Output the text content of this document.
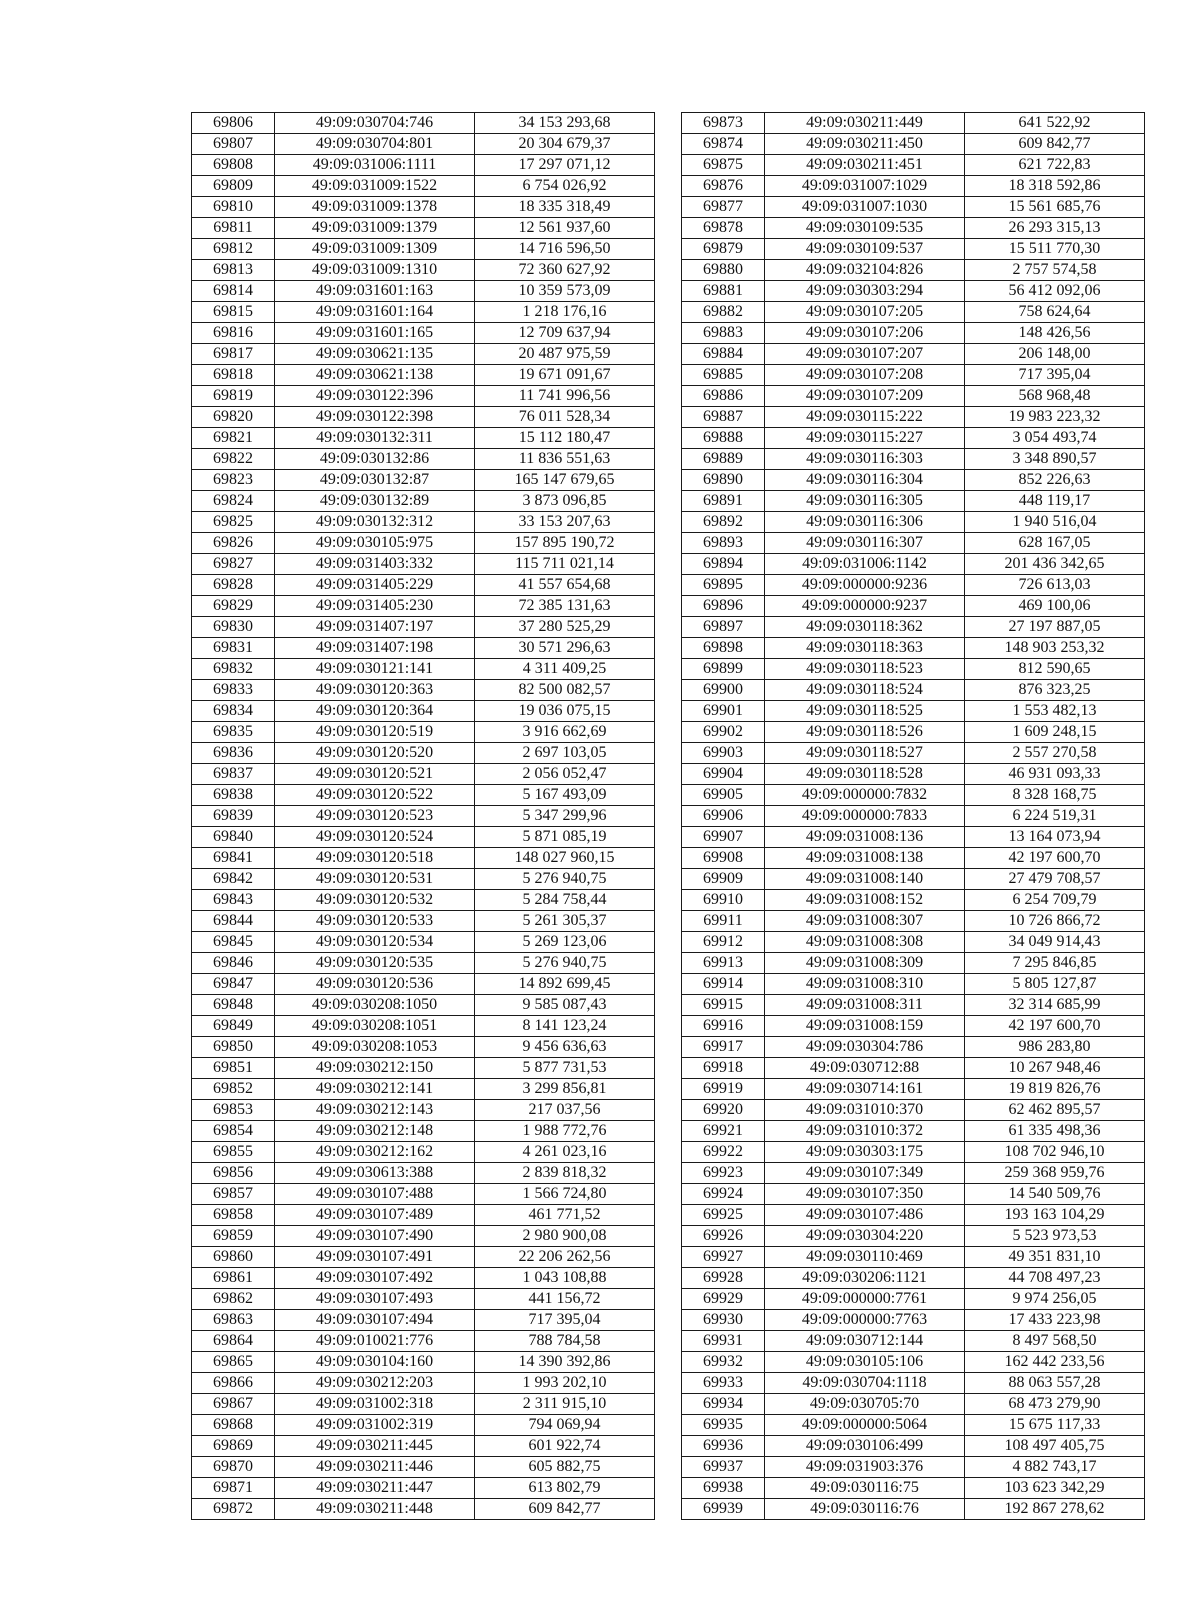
69806	49:09:030704:746	34 153 293,68
69807	49:09:030704:801	20 304 679,37
69808	49:09:031006:1111	17 297 071,12
69809	49:09:031009:1522	6 754 026,92
69810	49:09:031009:1378	18 335 318,49
69811	49:09:031009:1379	12 561 937,60
69812	49:09:031009:1309	14 716 596,50
69813	49:09:031009:1310	72 360 627,92
69814	49:09:031601:163	10 359 573,09
69815	49:09:031601:164	1 218 176,16
69816	49:09:031601:165	12 709 637,94
69817	49:09:030621:135	20 487 975,59
69818	49:09:030621:138	19 671 091,67
69819	49:09:030122:396	11 741 996,56
69820	49:09:030122:398	76 011 528,34
69821	49:09:030132:311	15 112 180,47
69822	49:09:030132:86	11 836 551,63
69823	49:09:030132:87	165 147 679,65
69824	49:09:030132:89	3 873 096,85
69825	49:09:030132:312	33 153 207,63
69826	49:09:030105:975	157 895 190,72
69827	49:09:031403:332	115 711 021,14
69828	49:09:031405:229	41 557 654,68
69829	49:09:031405:230	72 385 131,63
69830	49:09:031407:197	37 280 525,29
69831	49:09:031407:198	30 571 296,63
69832	49:09:030121:141	4 311 409,25
69833	49:09:030120:363	82 500 082,57
69834	49:09:030120:364	19 036 075,15
69835	49:09:030120:519	3 916 662,69
69836	49:09:030120:520	2 697 103,05
69837	49:09:030120:521	2 056 052,47
69838	49:09:030120:522	5 167 493,09
69839	49:09:030120:523	5 347 299,96
69840	49:09:030120:524	5 871 085,19
69841	49:09:030120:518	148 027 960,15
69842	49:09:030120:531	5 276 940,75
69843	49:09:030120:532	5 284 758,44
69844	49:09:030120:533	5 261 305,37
69845	49:09:030120:534	5 269 123,06
69846	49:09:030120:535	5 276 940,75
69847	49:09:030120:536	14 892 699,45
69848	49:09:030208:1050	9 585 087,43
69849	49:09:030208:1051	8 141 123,24
69850	49:09:030208:1053	9 456 636,63
69851	49:09:030212:150	5 877 731,53
69852	49:09:030212:141	3 299 856,81
69853	49:09:030212:143	217 037,56
69854	49:09:030212:148	1 988 772,76
69855	49:09:030212:162	4 261 023,16
69856	49:09:030613:388	2 839 818,32
69857	49:09:030107:488	1 566 724,80
69858	49:09:030107:489	461 771,52
69859	49:09:030107:490	2 980 900,08
69860	49:09:030107:491	22 206 262,56
69861	49:09:030107:492	1 043 108,88
69862	49:09:030107:493	441 156,72
69863	49:09:030107:494	717 395,04
69864	49:09:010021:776	788 784,58
69865	49:09:030104:160	14 390 392,86
69866	49:09:030212:203	1 993 202,10
69867	49:09:031002:318	2 311 915,10
69868	49:09:031002:319	794 069,94
69869	49:09:030211:445	601 922,74
69870	49:09:030211:446	605 882,75
69871	49:09:030211:447	613 802,79
69872	49:09:030211:448	609 842,77
69873	49:09:030211:449	641 522,92
69874	49:09:030211:450	609 842,77
69875	49:09:030211:451	621 722,83
69876	49:09:031007:1029	18 318 592,86
69877	49:09:031007:1030	15 561 685,76
69878	49:09:030109:535	26 293 315,13
69879	49:09:030109:537	15 511 770,30
69880	49:09:032104:826	2 757 574,58
69881	49:09:030303:294	56 412 092,06
69882	49:09:030107:205	758 624,64
69883	49:09:030107:206	148 426,56
69884	49:09:030107:207	206 148,00
69885	49:09:030107:208	717 395,04
69886	49:09:030107:209	568 968,48
69887	49:09:030115:222	19 983 223,32
69888	49:09:030115:227	3 054 493,74
69889	49:09:030116:303	3 348 890,57
69890	49:09:030116:304	852 226,63
69891	49:09:030116:305	448 119,17
69892	49:09:030116:306	1 940 516,04
69893	49:09:030116:307	628 167,05
69894	49:09:031006:1142	201 436 342,65
69895	49:09:000000:9236	726 613,03
69896	49:09:000000:9237	469 100,06
69897	49:09:030118:362	27 197 887,05
69898	49:09:030118:363	148 903 253,32
69899	49:09:030118:523	812 590,65
69900	49:09:030118:524	876 323,25
69901	49:09:030118:525	1 553 482,13
69902	49:09:030118:526	1 609 248,15
69903	49:09:030118:527	2 557 270,58
69904	49:09:030118:528	46 931 093,33
69905	49:09:000000:7832	8 328 168,75
69906	49:09:000000:7833	6 224 519,31
69907	49:09:031008:136	13 164 073,94
69908	49:09:031008:138	42 197 600,70
69909	49:09:031008:140	27 479 708,57
69910	49:09:031008:152	6 254 709,79
69911	49:09:031008:307	10 726 866,72
69912	49:09:031008:308	34 049 914,43
69913	49:09:031008:309	7 295 846,85
69914	49:09:031008:310	5 805 127,87
69915	49:09:031008:311	32 314 685,99
69916	49:09:031008:159	42 197 600,70
69917	49:09:030304:786	986 283,80
69918	49:09:030712:88	10 267 948,46
69919	49:09:030714:161	19 819 826,76
69920	49:09:031010:370	62 462 895,57
69921	49:09:031010:372	61 335 498,36
69922	49:09:030303:175	108 702 946,10
69923	49:09:030107:349	259 368 959,76
69924	49:09:030107:350	14 540 509,76
69925	49:09:030107:486	193 163 104,29
69926	49:09:030304:220	5 523 973,53
69927	49:09:030110:469	49 351 831,10
69928	49:09:030206:1121	44 708 497,23
69929	49:09:000000:7761	9 974 256,05
69930	49:09:000000:7763	17 433 223,98
69931	49:09:030712:144	8 497 568,50
69932	49:09:030105:106	162 442 233,56
69933	49:09:030704:1118	88 063 557,28
69934	49:09:030705:70	68 473 279,90
69935	49:09:000000:5064	15 675 117,33
69936	49:09:030106:499	108 497 405,75
69937	49:09:031903:376	4 882 743,17
69938	49:09:030116:75	103 623 342,29
69939	49:09:030116:76	192 867 278,62
